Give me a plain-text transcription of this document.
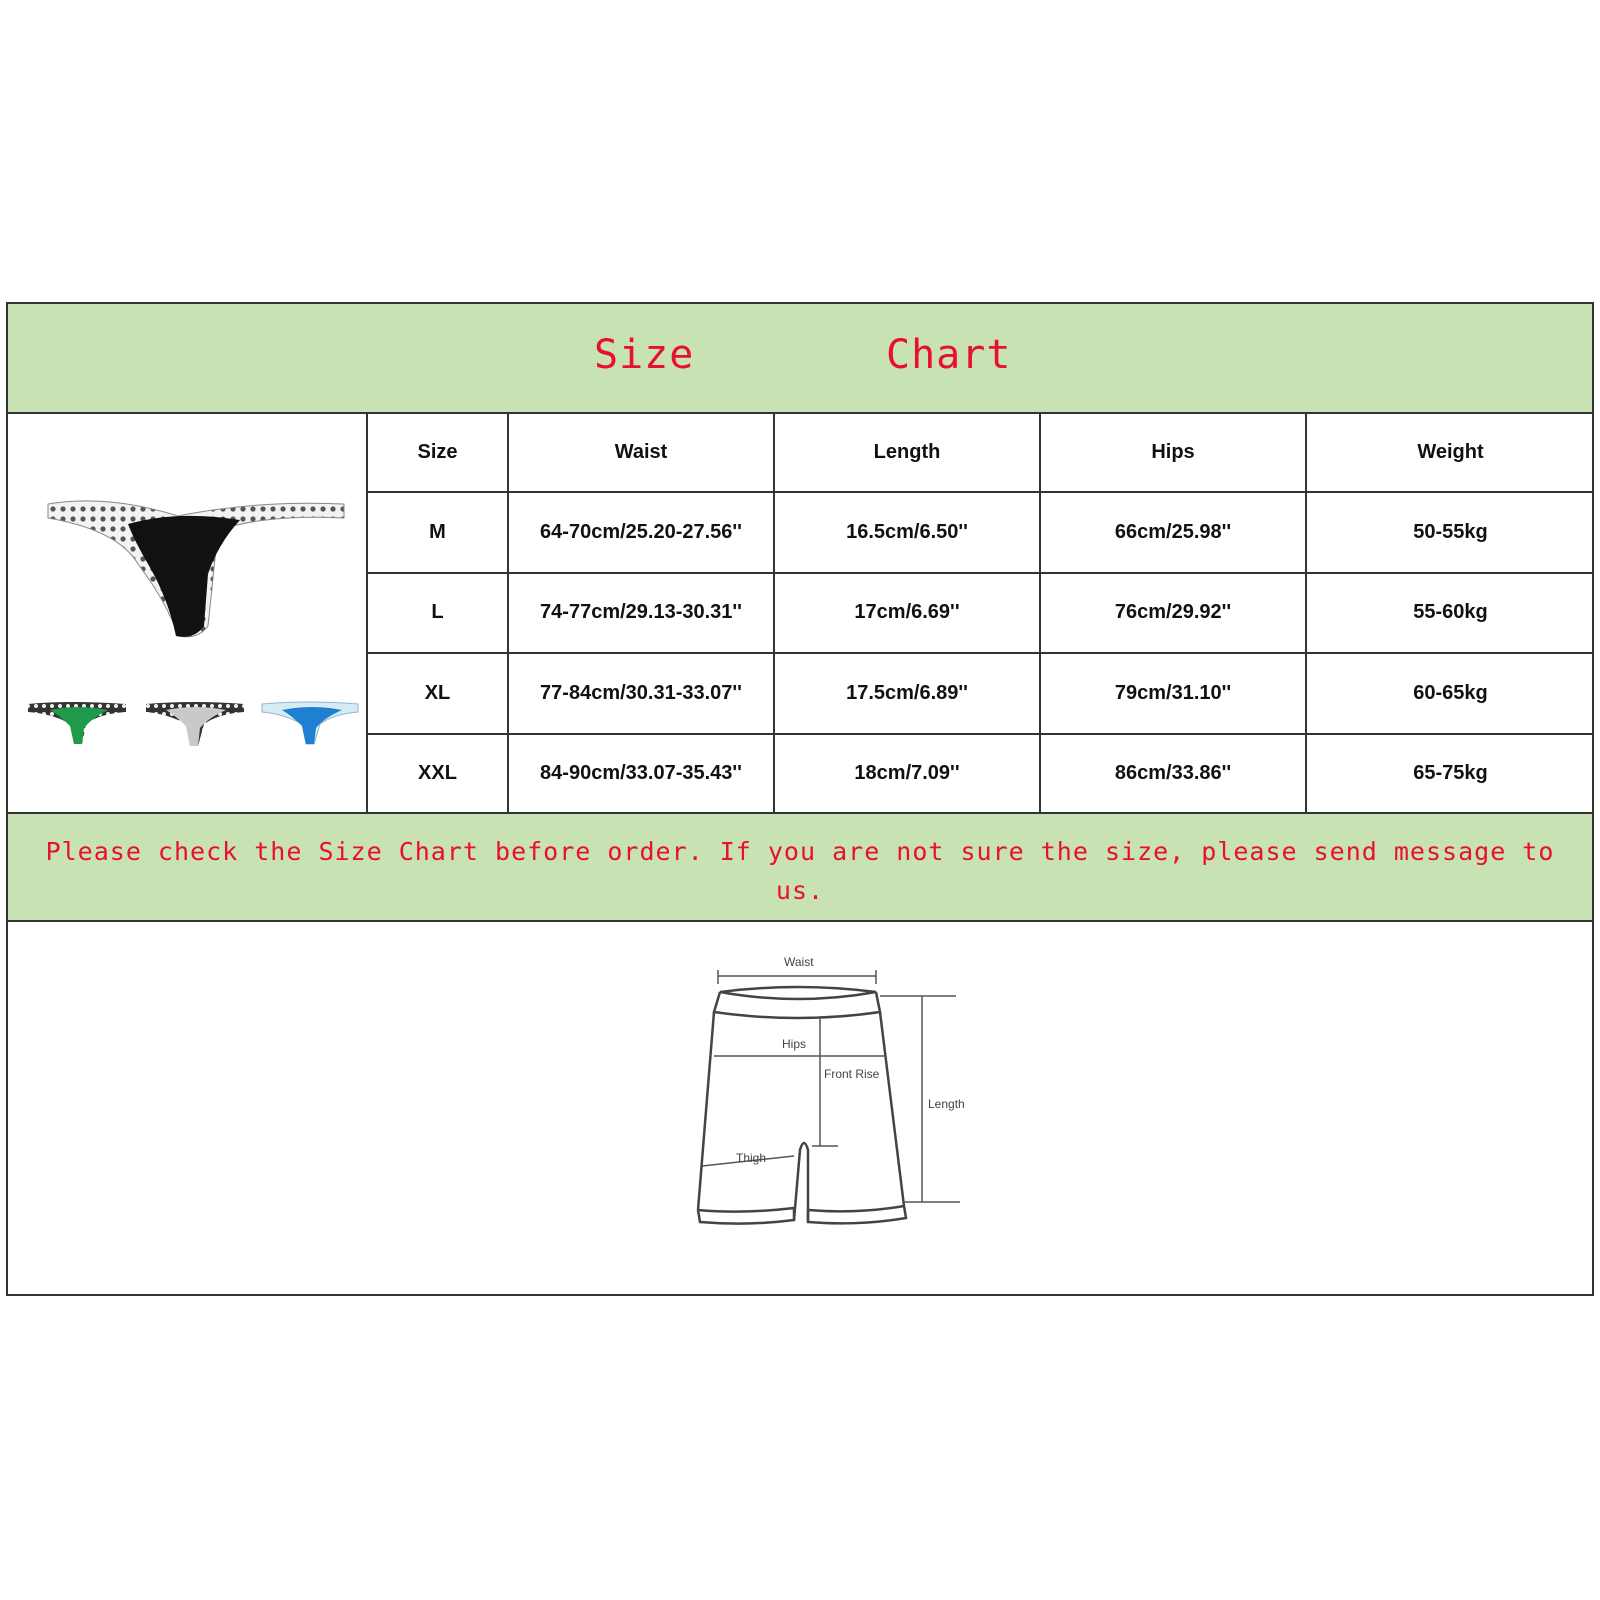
Size	Chart
Size	Waist	Length	Hips	Weight
M	64-70cm/25.20-27.56''	16.5cm/6.50''	66cm/25.98''	50-55kg
L	74-77cm/29.13-30.31''	17cm/6.69''	76cm/29.92''	55-60kg
XL	77-84cm/30.31-33.07''	17.5cm/6.89''	79cm/31.10''	60-65kg
XXL	84-90cm/33.07-35.43''	18cm/7.09''	86cm/33.86''	65-75kg
Please check the Size Chart before order. If you are not sure the size, please send message to us.
Waist
Hips
Front Rise
Length
Thigh
